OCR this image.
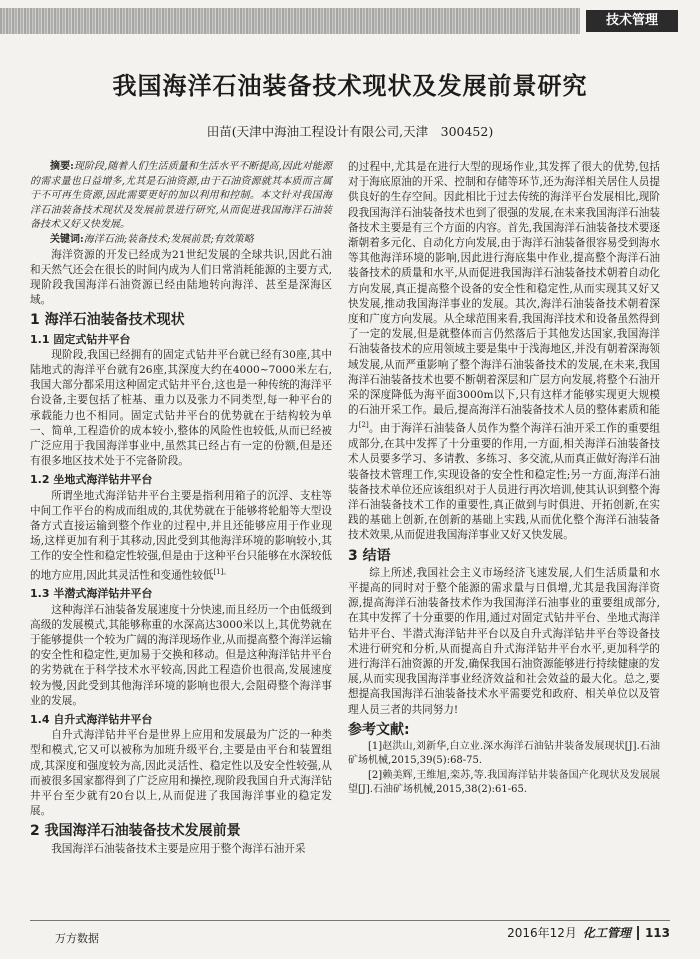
技术管理
我国海洋石油装备技术现状及发展前景研究
田苗(天津中海油工程设计有限公司,天津　300452)

摘要:现阶段,随着人们生活质量和生活水平不断提高,因此对能源的需求量也日益增多,尤其是石油资源,由于石油资源就其本质而言属于不可再生资源,因此需要更好的加以利用和控制。本文针对我国海洋石油装备技术现状及发展前景进行研究,从而促进我国海洋石油装备技术又好又快发展。

关键词:海洋石油;装备技术;发展前景;有效策略

海洋资源的开发已经成为21世纪发展的全球共识,因此石油和天然气还会在很长的时间内成为人们日常消耗能源的主要方式,现阶段我国海洋石油资源已经由陆地转向海洋、甚至是深海区域。

1 海洋石油装备技术现状
1.1 固定式钻井平台

现阶段,我国已经拥有的固定式钻井平台就已经有30座,其中陆地式的海洋平台就有26座,其深度大约在4000~7000米左右,我国大部分都采用这种固定式钻井平台,这也是一种传统的海洋平台设备,主要包括了桩基、重力以及张力不同类型,每一种平台的承载能力也不相同。固定式钻井平台的优势就在于结构较为单一、简单,工程造价的成本较小,整体的风险性也较低,从而已经被广泛应用于我国海洋事业中,虽然其已经占有一定的份额,但是还有很多地区技术处于不完备阶段。

1.2 坐地式海洋钻井平台

所谓坐地式海洋钻井平台主要是指利用箱子的沉浮、支柱等中间工作平台的构成而组成的,其优势就在于能够将轮船等大型设备方式直接运输到整个作业的过程中,并且还能够应用于作业现场,这样更加有利于其移动,因此受到其他海洋环境的影响较小,其工作的安全性和稳定性较强,但是由于这种平台只能够在水深较低的地方应用,因此其灵活性和变通性较低$^{[1]。}$

1.3 半潜式海洋钻井平台

这种海洋石油装备发展速度十分快速,而且经历一个由低级到高级的发展模式,其能够称重的水深高达3000米以上,其优势就在于能够提供一个较为广阔的海洋现场作业,从而提高整个海洋运输的安全性和稳定性,更加易于交换和移动。但是这种海洋钻井平台的劣势就在于科学技术水平较高,因此工程造价也很高,发展速度较为慢,因此受到其他海洋环境的影响也很大,会阻碍整个海洋事业的发展。

1.4 自升式海洋钻井平台

自升式海洋钻井平台是世界上应用和发展最为广泛的一种类型和模式,它又可以被称为加班升级平台,主要是由平台和装置组成,其深度和强度较为高,因此灵活性、稳定性以及安全性较强,从而被很多国家都得到了广泛应用和操控,现阶段我国自升式海洋钻井平台至少就有20台以上,从而促进了我国海洋事业的稳定发展。

2 我国海洋石油装备技术发展前景

我国海洋石油装备技术主要是应用于整个海洋石油开采

的过程中,尤其是在进行大型的现场作业,其发挥了很大的优势,包括对于海底原油的开采、控制和存储等环节,还为海洋相关居住人员提供良好的生存空间。因此相比于过去传统的海洋平台发展相比,现阶段我国海洋石油装备技术也到了很强的发展,在未来我国海洋石油装备技术主要是有三个方面的内容。首先,我国海洋石油装备技术要逐渐朝着多元化、自动化方向发展,由于海洋石油装备很容易受到海水等其他海洋环境的影响,因此进行海底集中作业,提高整个海洋石油装备技术的质量和水平,从而促进我国海洋石油装备技术朝着自动化方向发展,真正提高整个设备的安全性和稳定性,从而实现其又好又快发展,推动我国海洋事业的发展。其次,海洋石油装备技术朝着深度和广度方向发展。从全球范围来看,我国海洋技术和设备虽然得到了一定的发展,但是就整体而言仍然落后于其他发达国家,我国海洋石油装备技术的应用领域主要是集中于浅海地区,并没有朝着深海领域发展,从而严重影响了整个海洋石油装备技术的发展,在未来,我国海洋石油装备技术也要不断朝着深层和广层方向发展,将整个石油开采的深度降低为海平面3000m以下,只有这样才能够实现更大规模的石油开采工作。最后,提高海洋石油装备技术人员的整体素质和能力[2]。由于海洋石油装备人员作为整个海洋石油开采工作的重要组成部分,在其中发挥了十分重要的作用,一方面,相关海洋石油装备技术人员要多学习、多请教、多练习、多交流,从而真正做好海洋石油装备技术管理工作,实现设备的安全性和稳定性;另一方面,海洋石油装备技术单位还应该组织对于人员进行再次培训,使其认识到整个海洋石油装备技术工作的重要性,真正做到与时俱进、开拓创新,在实践的基础上创新,在创新的基础上实践,从而优化整个海洋石油装备技术效果,从而促进我国海洋事业又好又快发展。

3 结语

综上所述,我国社会主义市场经济飞速发展,人们生活质量和水平提高的同时对于整个能源的需求量与日俱增,尤其是我国海洋资源,提高海洋石油装备技术作为我国海洋石油事业的重要组成部分,在其中发挥了十分重要的作用,通过对固定式钻井平台、坐地式海洋钻井平台、半潜式海洋钻井平台以及自升式海洋钻井平台等设备技术进行研究和分析,从而提高自升式海洋钻井平台水平,更加科学的进行海洋石油资源的开发,确保我国石油资源能够进行持续健康的发展,从而实现我国海洋事业经济效益和社会效益的最大化。总之,要想提高我国海洋石油装备技术水平需要党和政府、相关单位以及管理人员三者的共同努力!

参考文献:

[1]赵洪山,刘新华,白立业.深水海洋石油钻井装备发展现状[J].石油矿场机械,2015,39(5):68-75.

[2]赖美辉,王维旭,栾苏,等.我国海洋钻井装备国产化现状及发展展望[J].石油矿场机械,2015,38(2):61-65.

万方数据	2016年12月 化工管理 113
